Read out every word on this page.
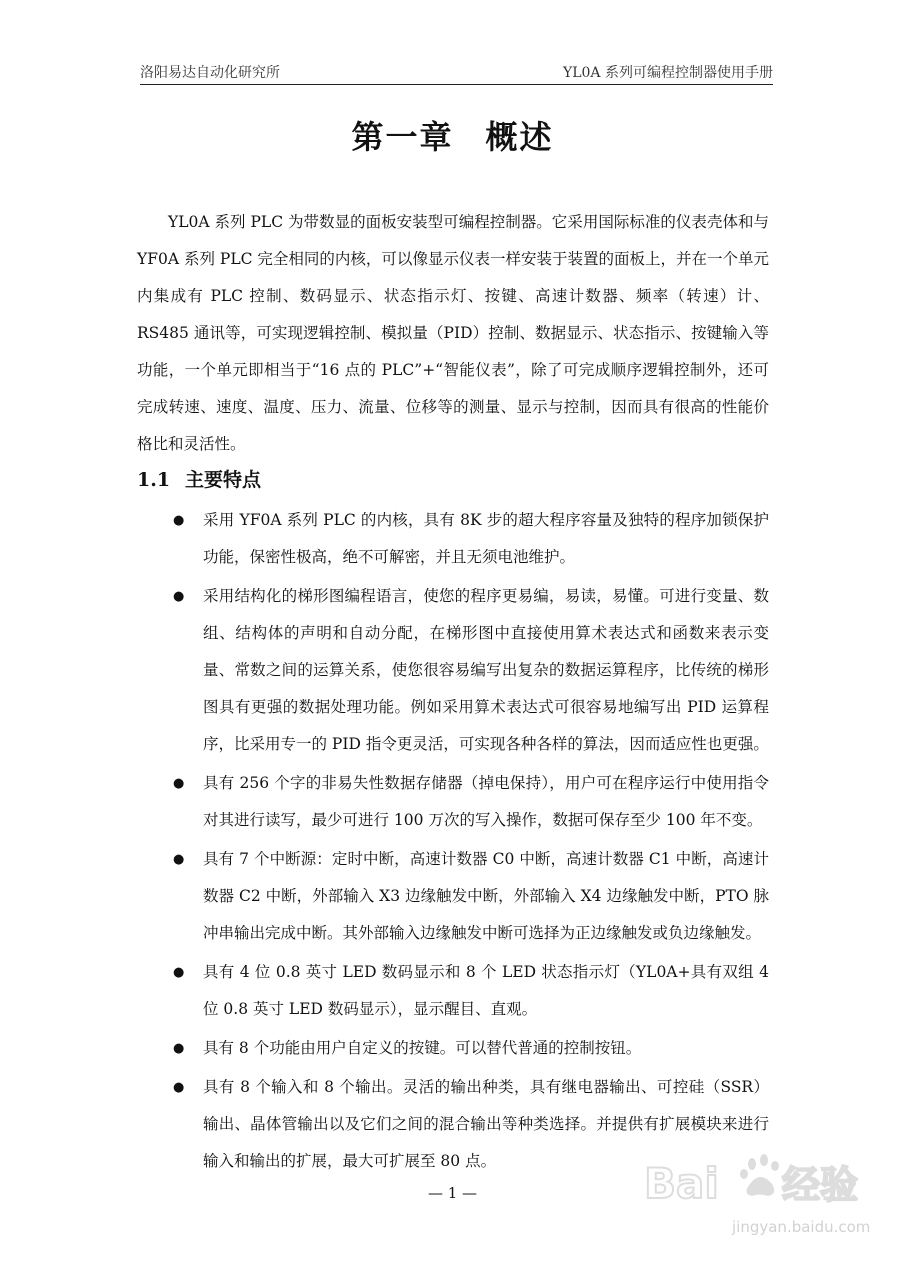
洛阳易达自动化研究所	YL0A 系列可编程控制器使用手册
第一章 概述

YL0A 系列 PLC 为带数显的面板安装型可编程控制器。它采用国际标准的仪表壳体和与 YF0A 系列 PLC 完全相同的内核，可以像显示仪表一样安装于装置的面板上，并在一个单元内集成有 PLC 控制、数码显示、状态指示灯、按键、高速计数器、频率（转速）计、RS485 通讯等，可实现逻辑控制、模拟量（PID）控制、数据显示、状态指示、按键输入等功能，一个单元即相当于“16 点的 PLC”+“智能仪表”，除了可完成顺序逻辑控制外，还可完成转速、速度、温度、压力、流量、位移等的测量、显示与控制，因而具有很高的性能价格比和灵活性。

1.1 主要特点
●	采用 YF0A 系列 PLC 的内核，具有 8K 步的超大程序容量及独特的程序加锁保护功能，保密性极高，绝不可解密，并且无须电池维护。
●	采用结构化的梯形图编程语言，使您的程序更易编，易读，易懂。可进行变量、数组、结构体的声明和自动分配，在梯形图中直接使用算术表达式和函数来表示变量、常数之间的运算关系，使您很容易编写出复杂的数据运算程序，比传统的梯形图具有更强的数据处理功能。例如采用算术表达式可很容易地编写出 PID 运算程序，比采用专一的 PID 指令更灵活，可实现各种各样的算法，因而适应性也更强。
●	具有 256 个字的非易失性数据存储器（掉电保持），用户可在程序运行中使用指令对其进行读写，最少可进行 100 万次的写入操作，数据可保存至少 100 年不变。
●	具有 7 个中断源：定时中断，高速计数器 C0 中断，高速计数器 C1 中断，高速计数器 C2 中断，外部输入 X3 边缘触发中断，外部输入 X4 边缘触发中断，PTO 脉冲串输出完成中断。其外部输入边缘触发中断可选择为正边缘触发或负边缘触发。
●	具有 4 位 0.8 英寸 LED 数码显示和 8 个 LED 状态指示灯（YL0A+具有双组 4 位 0.8 英寸 LED 数码显示），显示醒目、直观。
●	具有 8 个功能由用户自定义的按键。可以替代普通的控制按钮。
●	具有 8 个输入和 8 个输出。灵活的输出种类，具有继电器输出、可控硅（SSR）输出、晶体管输出以及它们之间的混合输出等种类选择。并提供有扩展模块来进行输入和输出的扩展，最大可扩展至 80 点。
— 1 —	Bai 经验
jingyan.baidu.com
